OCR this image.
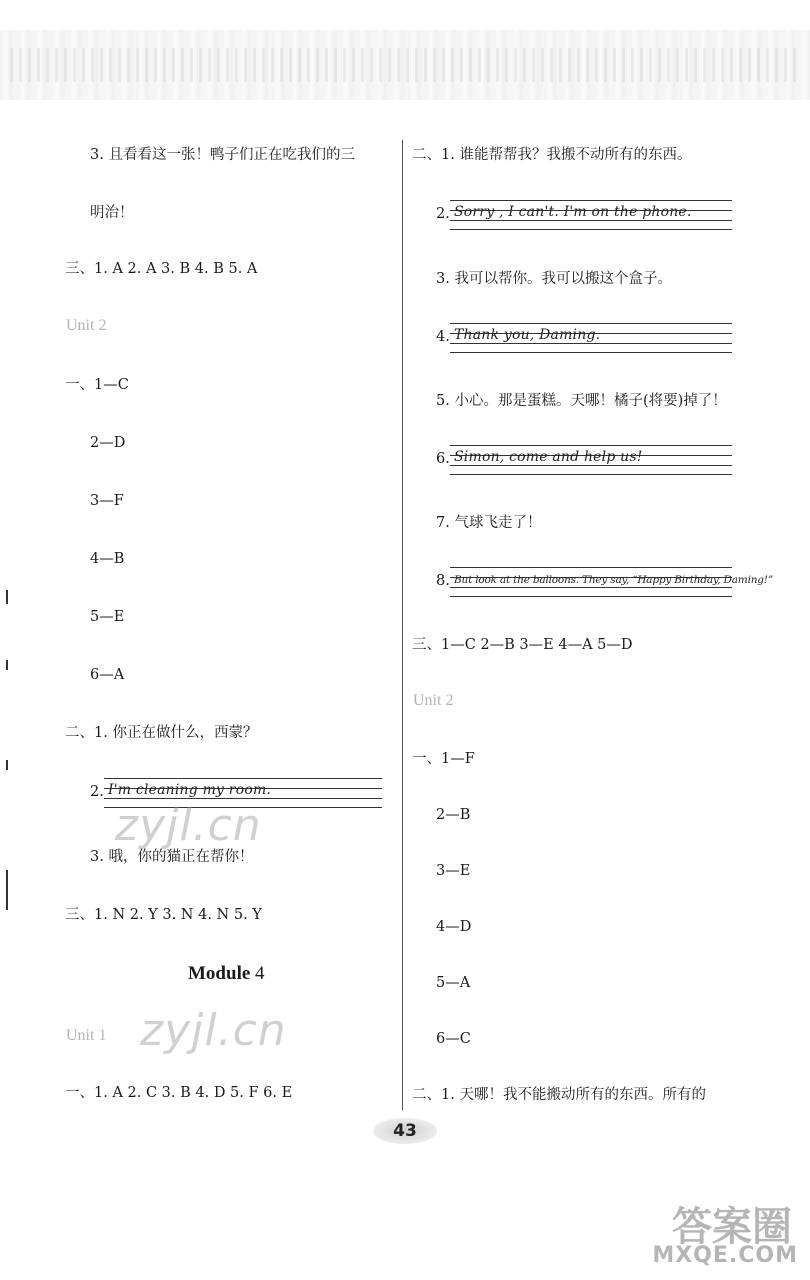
3. 且看看这一张！鸭子们正在吃我们的三
明治！
三、1. A 2. A 3. B 4. B 5. A
Unit 2
一、1—C
2—D
3—F
4—B
5—E
6—A
二、1. 你正在做什么，西蒙？
2. I'm cleaning my room.
3. 哦，你的猫正在帮你！
三、1. N 2. Y 3. N 4. N 5. Y
Module 4
Unit 1
一、1. A 2. C 3. B 4. D 5. F 6. E
二、1. 谁能帮帮我？我搬不动所有的东西。
2. Sorry , I can't. I'm on the phone.
3. 我可以帮你。我可以搬这个盒子。
4. Thank you, Daming.
5. 小心。那是蛋糕。天哪！橘子(将要)掉了！
6. Simon, come and help us!
7. 气球飞走了！
8. But look at the balloons. They say, “Happy Birthday, Daming!”
三、1—C 2—B 3—E 4—A 5—D
Unit 2
一、1—F
2—B
3—E
4—D
5—A
6—C
二、1. 天哪！我不能搬动所有的东西。所有的
zyjl.cn
zyjl.cn
43
答案圈
MXQE.COM
